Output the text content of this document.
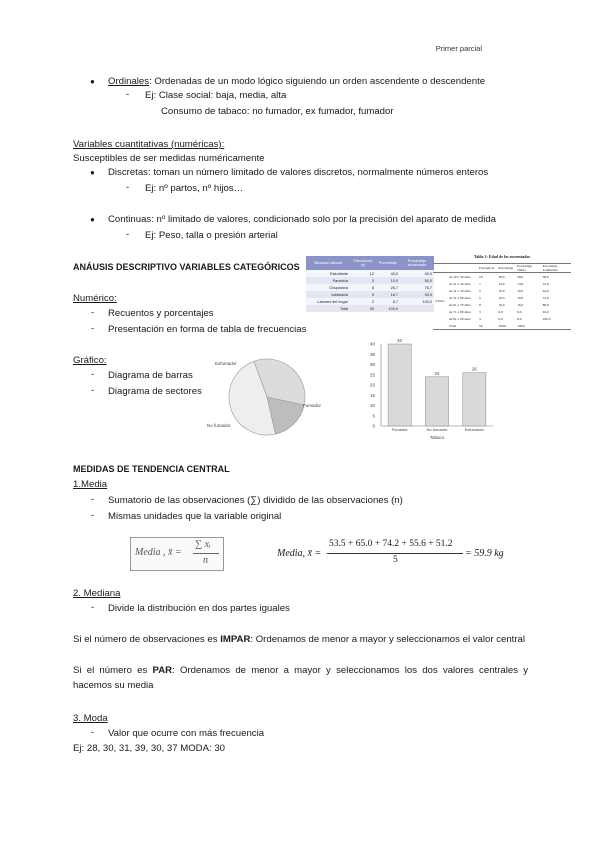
Primer parcial
● Ordinales: Ordenadas de un modo lógico siguiendo un orden ascendente o descendente
- Ej: Clase social: baja, media, alta
Consumo de tabaco: no fumador, ex fumador, fumador
Variables cuantitativas (numéricas):
Susceptibles de ser medidas numéricamente
● Discretas: toman un número limitado de valores discretos, normalmente números enteros
- Ej: nº partos, nº hijos…
● Continuas: nº limitado de valores, condicionado solo por la precisión del aparato de medida
- Ej: Peso, talla o presión arterial
ANÁUSIS DESCRIPTIVO VARIABLES CATEGÓRICOS
Numérico:
- Recuentos y porcentajes
- Presentación en forma de tabla de frecuencias
Gráfico:
- Diagrama de barras
- Diagrama de sectores
Situación laboral	Frecuencia (n)	Porcentaje	Porcentaje acumulado
Estudiante	12	40,0	40,0
Parado/a	3	10,0	50,0
Ocupado/a	8	26,7	76,7
Jubilado/a	5	16,7	93,3
Labores del hogar	2	6,7	100,0
Total	30	100,0	
Tabla 1: Edad de los encuestados
		Frecuencia	Porcentaje	Porcentaje válido	Porcentaje acumulado
Válido	de 20 a 30 años	19	38,0	38,0	38,0
	de 31 a 40 años	7	14,0	14,0	52,0
	de 41 a 50 años	5	10,0	10,0	62,0
	de 51 a 60 años	5	10,0	10,0	72,0
	de 61 a 70 años	8	16,0	16,0	88,0
	de 71 a 80 años	3	6,0	6,0	94,0
	de 81 a 90 años	3	6,0	6,0	100,0
	Total	50	100,0	100,0	
Exfumador
No fumador
Fumador
0
5
10
15
20
25
30
35
40
40
Fumador
24
No fumador
26
Exfumador
Tabaco
MEDIDAS DE TENDENCIA CENTRAL
1.Media
- Sumatorio de las observaciones (∑) dividido de las observaciones (n)
- Mismas unidades que la variable original
Media , x̄ =
∑ xᵢ
n
Media, x̄ =
53.5 + 65.0 + 74.2 + 55.6 + 51.2
5
= 59.9 kg
2. Mediana
- Divide la distribución en dos partes iguales
Si el número de observaciones es IMPAR: Ordenamos de menor a mayor y seleccionamos el valor central
Si el número es PAR: Ordenamos de menor a mayor y seleccionamos los dos valores centrales y hacemos su media
3. Moda
- Valor que ocurre con más frecuencia
Ej: 28, 30, 31, 39, 30, 37 MODA: 30
